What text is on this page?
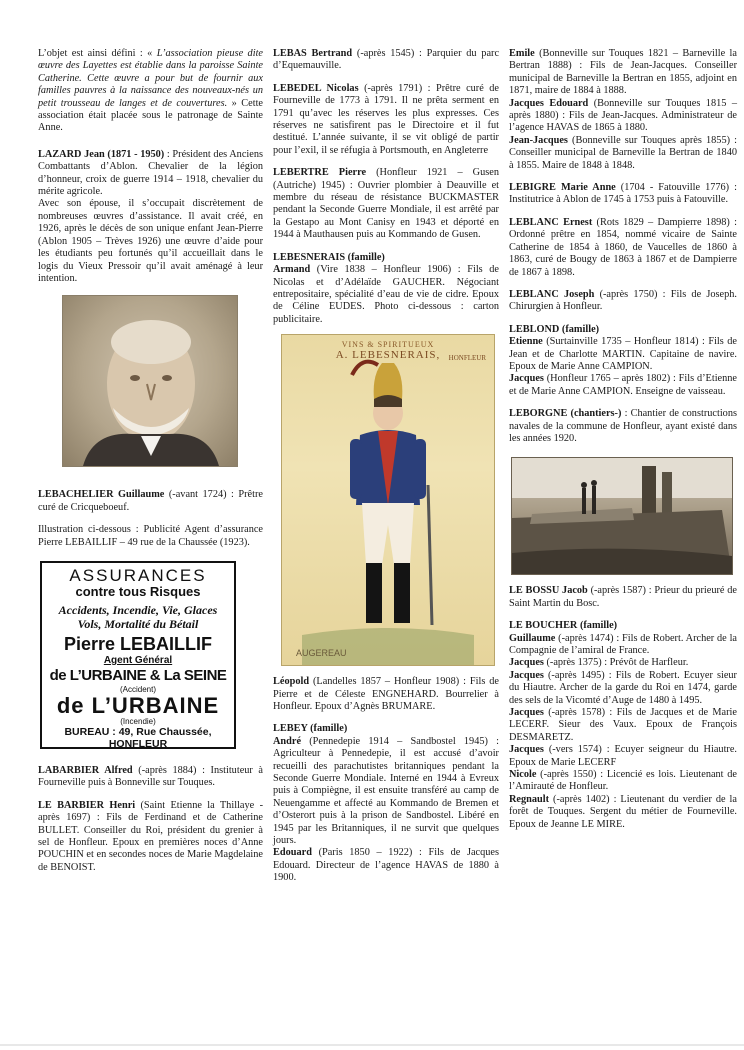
L’objet est ainsi défini : « L’association pieuse dite œuvre des Layettes est établie dans la paroisse Sainte Catherine. Cette œuvre a pour but de fournir aux familles pauvres à la naissance des nouveaux-nés un petit trousseau de langes et de couvertures. » Cette association était placée sous le patronage de Sainte Anne.

LAZARD Jean (1871 - 1950) : Président des Anciens Combattants d’Ablon. Chevalier de la légion d’honneur, croix de guerre 1914 – 1918, chevalier du mérite agricole.

Avec son épouse, il s’occupait discrètement de nombreuses œuvres d’assistance. Il avait créé, en 1926, après le décès de son unique enfant Jean-Pierre (Ablon 1905 – Trèves 1926) une œuvre d’aide pour les étudiants peu fortunés qu’il accueillait dans le logis du Vieux Pressoir qu’il avait aménagé à leur intention.

LEBACHELIER Guillaume (-avant 1724) : Prêtre curé de Cricqueboeuf.

Illustration ci-dessous : Publicité Agent d’assurance Pierre LEBAILLIF – 49 rue de la Chaussée (1923).

ASSURANCES
contre tous Risques
Accidents, Incendie, Vie, Glaces
Vols, Mortalité du Bétail
Pierre LEBAILLIF
Agent Général
de L’URBAINE & La SEINE
(Accident)
de L’URBAINE
(Incendie)
BUREAU : 49, Rue Chaussée, HONFLEUR

LABARBIER Alfred (-après 1884) : Instituteur à Fourneville puis à Bonneville sur Touques.

LE BARBIER Henri (Saint Etienne la Thillaye -après 1697) : Fils de Ferdinand et de Catherine BULLET. Conseiller du Roi, président du grenier à sel de Honfleur. Epoux en premières noces d’Anne POUCHIN et en secondes noces de Marie Magdelaine de BENOIST.

LEBAS Bertrand (-après 1545) : Parquier du parc d’Equemauville.

LEBEDEL Nicolas (-après 1791) : Prêtre curé de Fourneville de 1773 à 1791. Il ne prêta serment en 1791 qu’avec les réserves les plus expresses. Ces réserves ne satisfirent pas le Directoire et il fut destitué. L’année suivante, il se vit obligé de partir pour l’exil, il se réfugia à Portsmouth, en Angleterre

LEBERTRE Pierre (Honfleur 1921 – Gusen (Autriche) 1945) : Ouvrier plombier à Deauville et membre du réseau de résistance BUCKMASTER pendant la Seconde Guerre Mondiale, il est arrêté par la Gestapo au Mont Canisy en 1943 et déporté en 1944 à Mauthausen puis au Kommando de Gusen.

LEBESNERAIS (famille)

Armand (Vire 1838 – Honfleur 1906) : Fils de Nicolas et d’Adélaïde GAUCHER. Négociant entrepositaire, spécialité d’eau de vie de cidre. Epoux de Céline EUDES. Photo ci-dessous : carton publicitaire.

VINS & SPIRITUEUX
A. LEBESNERAIS,	HONFLEUR
AUGEREAU

Léopold (Landelles 1857 – Honfleur 1908) : Fils de Pierre et de Céleste ENGNEHARD. Bourrelier à Honfleur. Epoux d’Agnès BRUMARE.

LEBEY (famille)

André (Pennedepie 1914 – Sandbostel 1945) : Agriculteur à Pennedepie, il est accusé d’avoir recueilli des parachutistes britanniques pendant la Seconde Guerre Mondiale. Interné en 1944 à Evreux puis à Compiègne, il est ensuite transféré au camp de Neuengamme et affecté au Kommando de Bremen et d’Osterort puis à la prison de Sandbostel. Libéré en 1945 par les Britanniques, il ne survit que quelques jours.

Edouard (Paris 1850 – 1922) : Fils de Jacques Edouard. Directeur de l’agence HAVAS de 1880 à 1900.

Emile (Bonneville sur Touques 1821 – Barneville la Bertran 1888) : Fils de Jean-Jacques. Conseiller municipal de Barneville la Bertran en 1855, adjoint en 1871, maire de 1884 à 1888.

Jacques Edouard (Bonneville sur Touques 1815 – après 1880) : Fils de Jean-Jacques. Administrateur de l’agence HAVAS de 1865 à 1880.

Jean-Jacques (Bonneville sur Touques après 1855) : Conseiller municipal de Barneville la Bertran de 1840 à 1855. Maire de 1848 à 1848.

LEBIGRE Marie Anne (1704 - Fatouville 1776) : Institutrice à Ablon de 1745 à 1753 puis à Fatouville.

LEBLANC Ernest (Rots 1829 – Dampierre 1898) : Ordonné prêtre en 1854, nommé vicaire de Sainte Catherine de 1854 à 1860, de Vaucelles de 1860 à 1863, curé de Bougy de 1863 à 1867 et de Dampierre de 1867 à 1898.

LEBLANC Joseph (-après 1750) : Fils de Joseph. Chirurgien à Honfleur.

LEBLOND (famille)

Etienne (Surtainville 1735 – Honfleur 1814) : Fils de Jean et de Charlotte MARTIN. Capitaine de navire. Epoux de Marie Anne CAMPION.

Jacques (Honfleur 1765 – après 1802) : Fils d’Etienne et de Marie Anne CAMPION. Enseigne de vaisseau.

LEBORGNE (chantiers-) : Chantier de constructions navales de la commune de Honfleur, ayant existé dans les années 1920.

LE BOSSU Jacob (-après 1587) : Prieur du prieuré de Saint Martin du Bosc.

LE BOUCHER (famille)

Guillaume (-après 1474) : Fils de Robert. Archer de la Compagnie de l’amiral de France.

Jacques (-après 1375) : Prévôt de Harfleur.

Jacques (-après 1495) : Fils de Robert. Ecuyer sieur du Hiautre. Archer de la garde du Roi en 1474, garde des sels de la Vicomté d’Auge de 1480 à 1495.

Jacques (-après 1578) : Fils de Jacques et de Marie LECERF. Sieur des Vaux. Epoux de François DESMARETZ.

Jacques (-vers 1574) : Ecuyer seigneur du Hiautre. Epoux de Marie LECERF

Nicole (-après 1550) : Licencié es lois. Lieutenant de l’Amirauté de Honfleur.

Regnault (-après 1402) : Lieutenant du verdier de la forêt de Touques. Sergent du métier de Fourneville. Epoux de Jeanne LE MIRE.
